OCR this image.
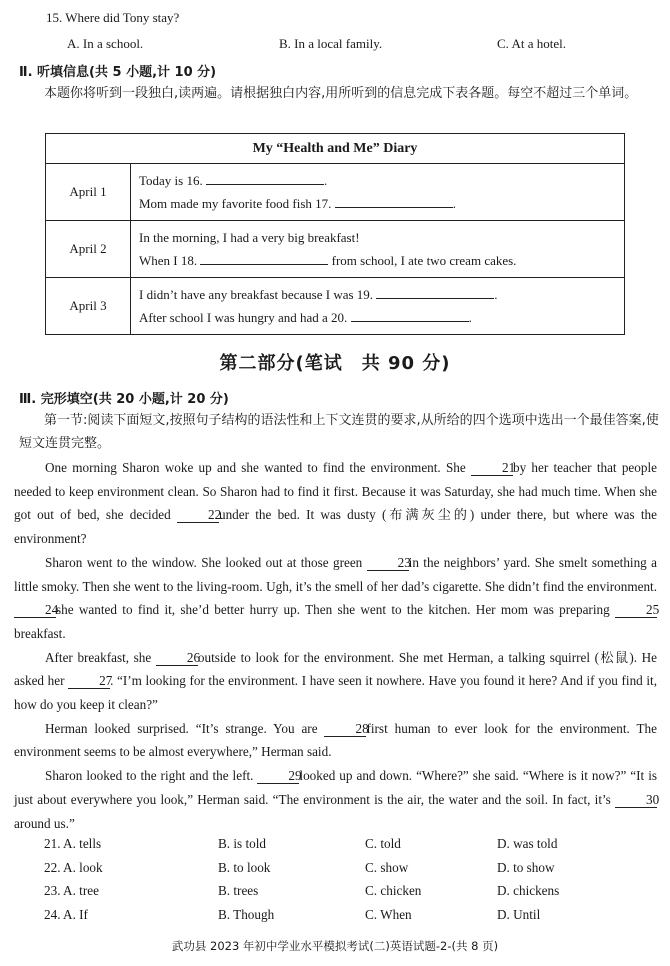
15. Where did Tony stay?
A. In a school.	B. In a local family.	C. At a hotel.
Ⅱ. 听填信息(共 5 小题,计 10 分)
本题你将听到一段独白,读两遍。请根据独白内容,用所听到的信息完成下表各题。每空不超过三个单词。
My “Health and Me” Diary	
April 1	Today is 16. .
Mom made my favorite food fish 17. .

April 2	In the morning, I had a very big breakfast!
When I 18. from school, I ate two cream cakes.

April 3	I didn’t have any breakfast because I was 19. .
After school I was hungry and had a 20. .
第二部分(笔试　共 90 分)
Ⅲ. 完形填空(共 20 小题,计 20 分)
第一节:阅读下面短文,按照句子结构的语法性和上下文连贯的要求,从所给的四个选项中选出一个最佳答案,使短文连贯完整。

One morning Sharon woke up and she wanted to find the environment. She	21by her teacher that people needed to keep environment clean. So Sharon had to find it first. Because it was Saturday, she had much time. When she got out of bed, she decided	22under the bed. It was dusty (布满灰尘的) under there, but where was the environment?

Sharon went to the window. She looked out at those green	23in the neighbors’ yard. She smelt something a little smoky. Then she went to the living-room. Ugh, it’s the smell of her dad’s cigarette. She didn’t find the environment. 24she wanted to find it, she’d better hurry up. Then she went to the kitchen. Her mom was preparing	25breakfast.

After breakfast, she	26outside to look for the environment. She met Herman, a talking squirrel (松鼠). He asked her	27. “I’m looking for the environment. I have seen it nowhere. Have you found it here? And if you find it, how do you keep it clean?”

Herman looked surprised. “It’s strange. You are	28first human to ever look for the environment. The environment seems to be almost everywhere,” Herman said.

Sharon looked to the right and the left.	29looked up and down. “Where?” she said. “Where is it now?” “It is just about everywhere you look,” Herman said. “The environment is the air, the water and the soil. In fact, it’s	30around us.”

21. A. tells	B. is told	C. told	D. was told
22. A. look	B. to look	C. show	D. to show
23. A. tree	B. trees	C. chicken	D. chickens
24. A. If	B. Though	C. When	D. Until
武功县 2023 年初中学业水平模拟考试(二)英语试题-2-(共 8 页)
